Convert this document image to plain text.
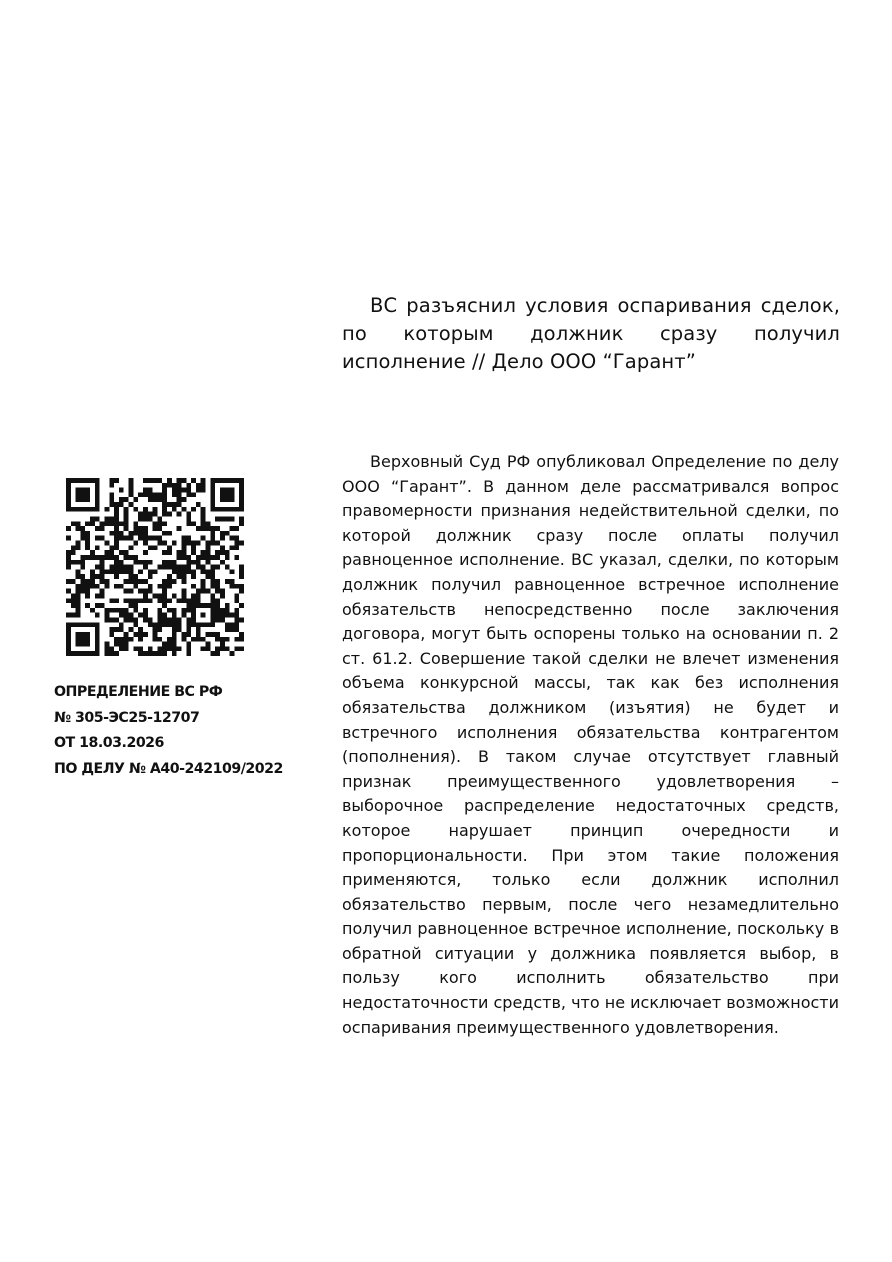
ВС разъяснил условия оспаривания сделок, по которым должник сразу получил исполнение // Дело ООО “Гарант”
ОПРЕДЕЛЕНИЕ ВС РФ
№ 305-ЭС25-12707
ОТ 18.03.2026
ПО ДЕЛУ № А40-242109/2022

Верховный Суд РФ опубликовал Определение по делу ООО “Гарант”. В данном деле рассматривался вопрос правомерности признания недействительной сделки, по которой должник сразу после оплаты получил равноценное исполнение. ВС указал, сделки, по которым должник получил равноценное встречное исполнение обязательств непосредственно после заключения договора, могут быть оспорены только на основании п. 2 ст. 61.2. Совершение такой сделки не влечет изменения объема конкурсной массы, так как без исполнения обязательства должником (изъятия) не будет и встречного исполнения обязательства контрагентом (пополнения). В таком случае отсутствует главный признак преимущественного удовлетворения – выборочное распределение недостаточных средств, которое нарушает принцип очередности и пропорциональности. При этом такие положения применяются, только если должник исполнил обязательство первым, после чего незамедлительно получил равноценное встречное исполнение, поскольку в обратной ситуации у должника появляется выбор, в пользу кого исполнить обязательство при недостаточности средств, что не исключает возможности оспаривания преимущественного удовлетворения.
